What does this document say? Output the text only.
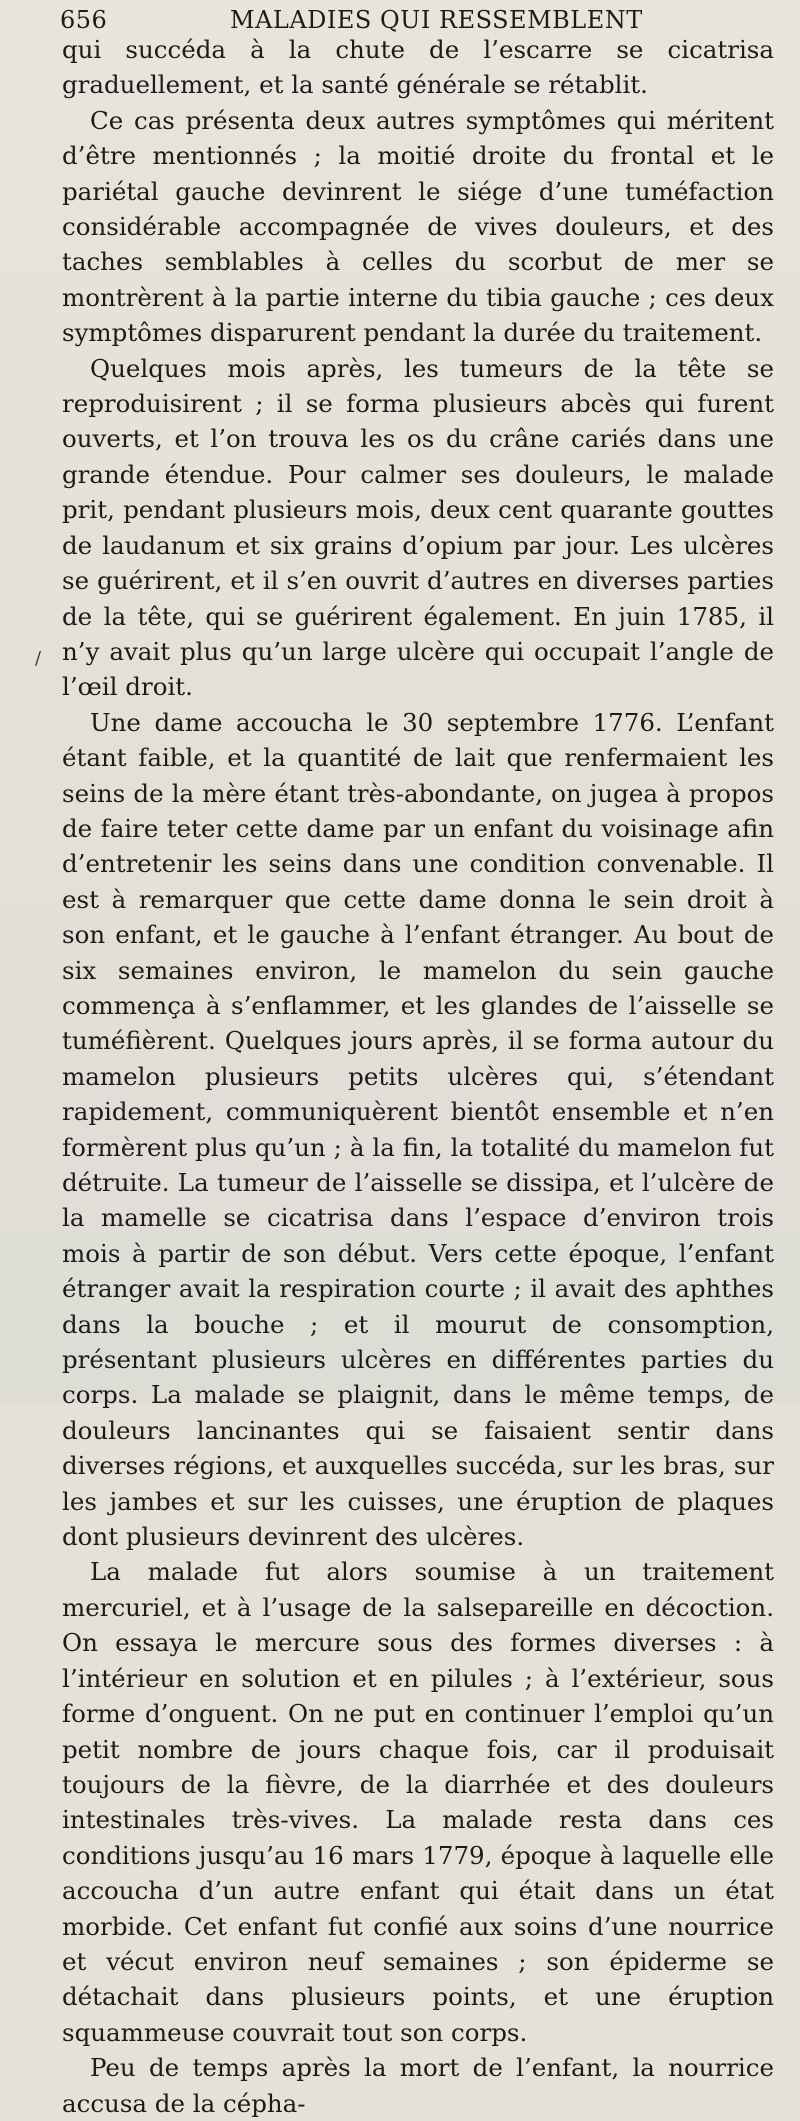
656	MALADIES QUI RESSEMBLENT
/

qui succéda à la chute de l’escarre se cicatrisa graduellement, et la santé générale se rétablit.

Ce cas présenta deux autres symptômes qui méritent d’être mentionnés ; la moitié droite du frontal et le pariétal gauche devinrent le siége d’une tuméfaction considérable accompagnée de vives douleurs, et des taches semblables à celles du scorbut de mer se montrèrent à la partie interne du tibia gauche ; ces deux symptômes disparurent pendant la durée du traitement.

Quelques mois après, les tumeurs de la tête se reproduisirent ; il se forma plusieurs abcès qui furent ouverts, et l’on trouva les os du crâne cariés dans une grande étendue. Pour calmer ses douleurs, le malade prit, pendant plusieurs mois, deux cent quarante gouttes de laudanum et six grains d’opium par jour. Les ulcères se guérirent, et il s’en ouvrit d’autres en diverses parties de la tête, qui se guérirent également. En juin 1785, il n’y avait plus qu’un large ulcère qui occupait l’angle de l’œil droit.

Une dame accoucha le 30 septembre 1776. L’enfant étant faible, et la quantité de lait que renfermaient les seins de la mère étant très-abondante, on jugea à propos de faire teter cette dame par un enfant du voisinage afin d’entretenir les seins dans une condition convenable. Il est à remarquer que cette dame donna le sein droit à son enfant, et le gauche à l’enfant étranger. Au bout de six semaines environ, le mamelon du sein gauche commença à s’enflammer, et les glandes de l’aisselle se tuméfièrent. Quelques jours après, il se forma autour du mamelon plusieurs petits ulcères qui, s’étendant rapidement, communiquèrent bientôt ensemble et n’en formèrent plus qu’un ; à la fin, la totalité du mamelon fut détruite. La tumeur de l’aisselle se dissipa, et l’ulcère de la mamelle se cicatrisa dans l’espace d’environ trois mois à partir de son début. Vers cette époque, l’enfant étranger avait la respiration courte ; il avait des aphthes dans la bouche ; et il mourut de consomption, présentant plusieurs ulcères en différentes parties du corps. La malade se plaignit, dans le même temps, de douleurs lancinantes qui se faisaient sentir dans diverses régions, et auxquelles succéda, sur les bras, sur les jambes et sur les cuisses, une éruption de plaques dont plusieurs devinrent des ulcères.

La malade fut alors soumise à un traitement mercuriel, et à l’usage de la salsepareille en décoction. On essaya le mercure sous des formes diverses : à l’intérieur en solution et en pilules ; à l’extérieur, sous forme d’onguent. On ne put en continuer l’emploi qu’un petit nombre de jours chaque fois, car il produisait toujours de la fièvre, de la diarrhée et des douleurs intestinales très-vives. La malade resta dans ces conditions jusqu’au 16 mars 1779, époque à laquelle elle accoucha d’un autre enfant qui était dans un état morbide. Cet enfant fut confié aux soins d’une nourrice et vécut environ neuf semaines ; son épiderme se détachait dans plusieurs points, et une éruption squammeuse couvrait tout son corps.

Peu de temps après la mort de l’enfant, la nourrice accusa de la cépha-
